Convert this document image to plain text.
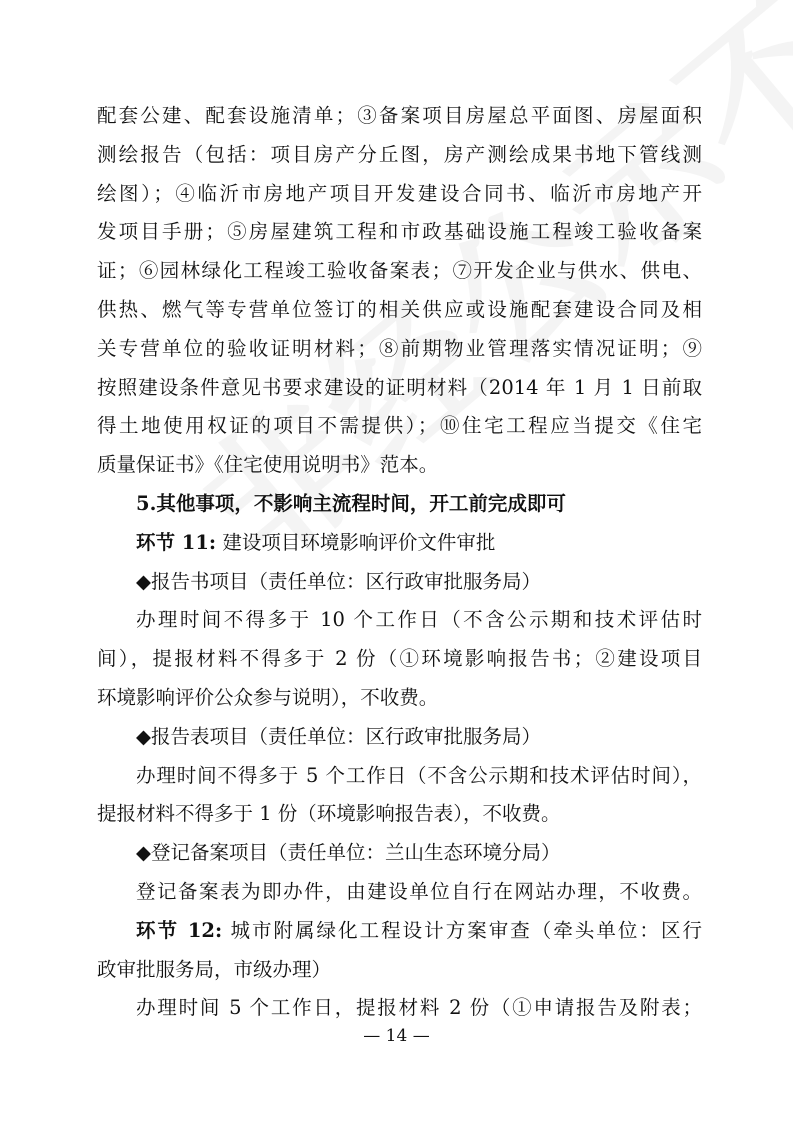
配套公建、配套设施清单；③备案项目房屋总平面图、房屋面积
测绘报告（包括：项目房产分丘图，房产测绘成果书地下管线测
绘图）；④临沂市房地产项目开发建设合同书、临沂市房地产开
发项目手册；⑤房屋建筑工程和市政基础设施工程竣工验收备案
证；⑥园林绿化工程竣工验收备案表；⑦开发企业与供水、供电、
供热、燃气等专营单位签订的相关供应或设施配套建设合同及相
关专营单位的验收证明材料；⑧前期物业管理落实情况证明；⑨
按照建设条件意见书要求建设的证明材料（2014 年 1 月 1 日前取
得土地使用权证的项目不需提供）；⑩住宅工程应当提交《住宅
质量保证书》《住宅使用说明书》范本。
5.其他事项，不影响主流程时间，开工前完成即可
环节 11: 建设项目环境影响评价文件审批
◆报告书项目（责任单位：区行政审批服务局）
办理时间不得多于 10 个工作日（不含公示期和技术评估时
间），提报材料不得多于 2 份（①环境影响报告书；②建设项目
环境影响评价公众参与说明），不收费。
◆报告表项目（责任单位：区行政审批服务局）
办理时间不得多于 5 个工作日（不含公示期和技术评估时间），
提报材料不得多于 1 份（环境影响报告表），不收费。
◆登记备案项目（责任单位：兰山生态环境分局）
登记备案表为即办件，由建设单位自行在网站办理，不收费。
环节 12: 城市附属绿化工程设计方案审查（牵头单位：区行
政审批服务局，市级办理）
办理时间 5 个工作日，提报材料 2 份（①申请报告及附表；
— 14 —
